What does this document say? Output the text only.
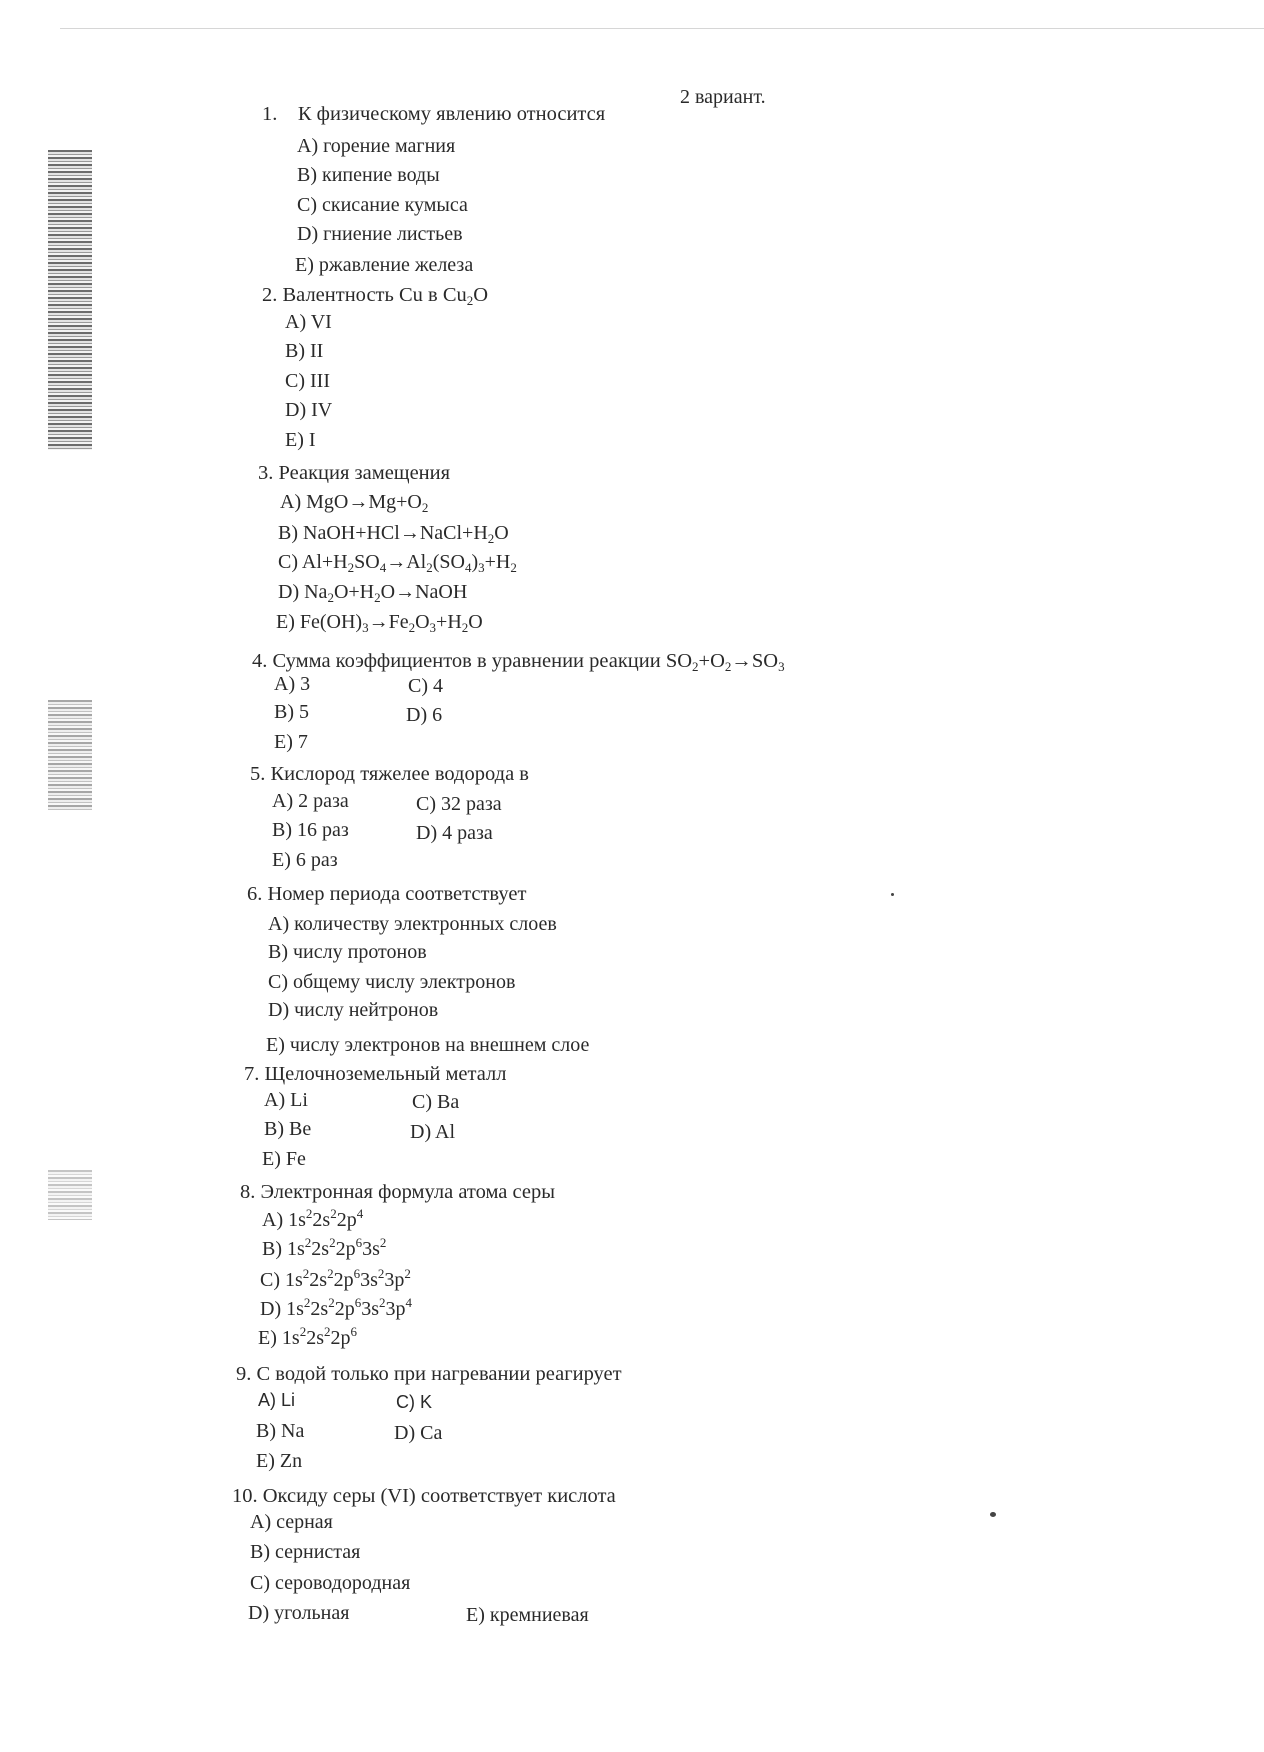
2 вариант.
1. К физическому явлению относится
A) горение магния
B) кипение воды
C) скисание кумыса
D) гниение листьев
E) ржавление железа
2. Валентность Cu в $Cu_2O$
A) VI
B) II
C) III
D) IV
E) I
3. Реакция замещения
A) $MgO\to Mg+O_2$
B) $NaOH+HCl\to NaCl+H_2O$
C) $Al+H_2SO_4\to Al_2(SO_4)_3+H_2$
D) $Na_2O+H_2O\to NaOH$
E) $Fe(OH)_3\to Fe_2O_3+H_2O$
4. Сумма коэффициентов в уравнении реакции $SO_2+O_2\to SO_3$
A) 3
B) 5
C) 4
D) 6
E) 7
5. Кислород тяжелее водорода в
A) 2 раза
B) 16 раз
C) 32 раза
D) 4 раза
E) 6 раз
6. Номер периода соответствует
A) количеству электронных слоев
B) числу протонов
C) общему числу электронов
D) числу нейтронов
E) числу электронов на внешнем слое
7. Щелочноземельный металл
A) Li
B) Be
C) Ba
D) Al
E) Fe
8. Электронная формула атома серы
A) $1s^22s^22p^4$
B) $1s^22s^22p^63s^2$
C) $1s^22s^22p^63s^23p^2$
D) $1s^22s^22p^63s^23p^4$
E) $1s^22s^22p^6$
9. С водой только при нагревании реагирует
A) Li
B) Na
C) K
D) Ca
E) Zn
10. Оксиду серы (VI) соответствует кислота
A) серная
B) сернистая
C) сероводородная
D) угольная	E) кремниевая
